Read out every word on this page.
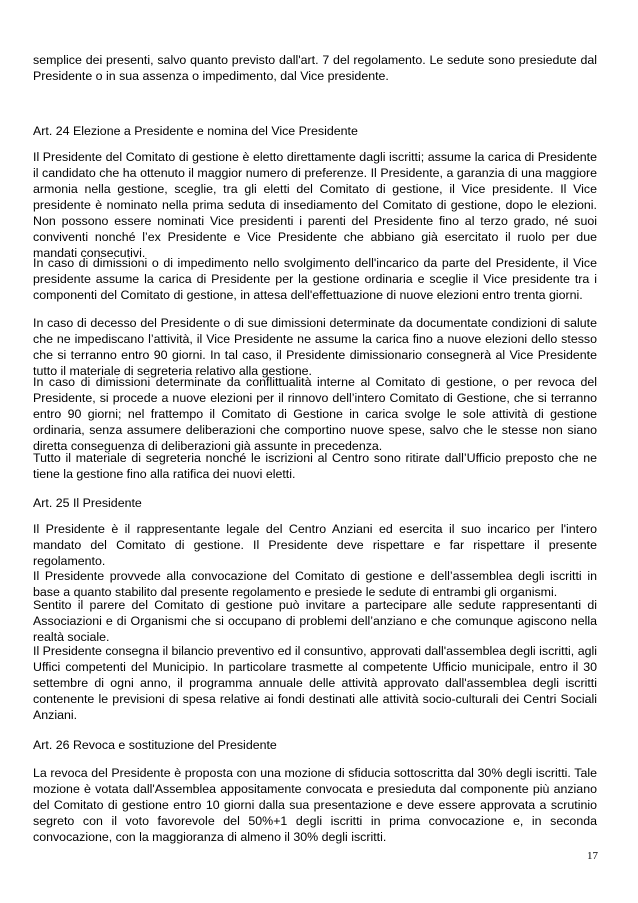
semplice dei presenti, salvo quanto previsto dall'art. 7 del regolamento. Le sedute sono presiedute dal Presidente o in sua assenza o impedimento, dal Vice presidente.

Art. 24 Elezione a Presidente e nomina del Vice Presidente

Il Presidente del Comitato di gestione è eletto direttamente dagli iscritti; assume la carica di Presidente il candidato che ha ottenuto il maggior numero di preferenze. Il Presidente, a garanzia di una maggiore armonia nella gestione, sceglie, tra gli eletti del Comitato di gestione, il Vice presidente. Il Vice presidente è nominato nella prima seduta di insediamento del Comitato di gestione, dopo le elezioni. Non possono essere nominati Vice presidenti i parenti del Presidente fino al terzo grado, né suoi conviventi nonché l’ex Presidente e Vice Presidente che abbiano già esercitato il ruolo per due mandati consecutivi.

In caso di dimissioni o di impedimento nello svolgimento dell'incarico da parte del Presidente, il Vice presidente assume la carica di Presidente per la gestione ordinaria e sceglie il Vice presidente tra i componenti del Comitato di gestione, in attesa dell'effettuazione di nuove elezioni entro trenta giorni.

In caso di decesso del Presidente o di sue dimissioni determinate da documentate condizioni di salute che ne impediscano l’attività, il Vice Presidente ne assume la carica fino a nuove elezioni dello stesso che si terranno entro 90 giorni. In tal caso, il Presidente dimissionario consegnerà al Vice Presidente tutto il materiale di segreteria relativo alla gestione.

In caso di dimissioni determinate da conflittualità interne al Comitato di gestione, o per revoca del Presidente, si procede a nuove elezioni per il rinnovo dell’intero Comitato di Gestione, che si terranno entro 90 giorni; nel frattempo il Comitato di Gestione in carica svolge le sole attività di gestione ordinaria, senza assumere deliberazioni che comportino nuove spese, salvo che le stesse non siano diretta conseguenza di deliberazioni già assunte in precedenza.

Tutto il materiale di segreteria nonché le iscrizioni al Centro sono ritirate dall’Ufficio preposto che ne tiene la gestione fino alla ratifica dei nuovi eletti.

Art. 25 Il Presidente

Il Presidente è il rappresentante legale del Centro Anziani ed esercita il suo incarico per l'intero mandato del Comitato di gestione. Il Presidente deve rispettare e far rispettare il presente regolamento.

Il Presidente provvede alla convocazione del Comitato di gestione e dell’assemblea degli iscritti in base a quanto stabilito dal presente regolamento e presiede le sedute di entrambi gli organismi.

Sentito il parere del Comitato di gestione può invitare a partecipare alle sedute rappresentanti di Associazioni e di Organismi che si occupano di problemi dell’anziano e che comunque agiscono nella realtà sociale.

Il Presidente consegna il bilancio preventivo ed il consuntivo, approvati dall'assemblea degli iscritti, agli Uffici competenti del Municipio. In particolare trasmette al competente Ufficio municipale, entro il 30 settembre di ogni anno, il programma annuale delle attività approvato dall'assemblea degli iscritti contenente le previsioni di spesa relative ai fondi destinati alle attività socio-culturali dei Centri Sociali Anziani.

Art. 26 Revoca e sostituzione del Presidente

La revoca del Presidente è proposta con una mozione di sfiducia sottoscritta dal 30% degli iscritti. Tale mozione è votata dall'Assemblea appositamente convocata e presieduta dal componente più anziano del Comitato di gestione entro 10 giorni dalla sua presentazione e deve essere approvata a scrutinio segreto con il voto favorevole del 50%+1 degli iscritti in prima convocazione e, in seconda convocazione, con la maggioranza di almeno il 30% degli iscritti.

17
